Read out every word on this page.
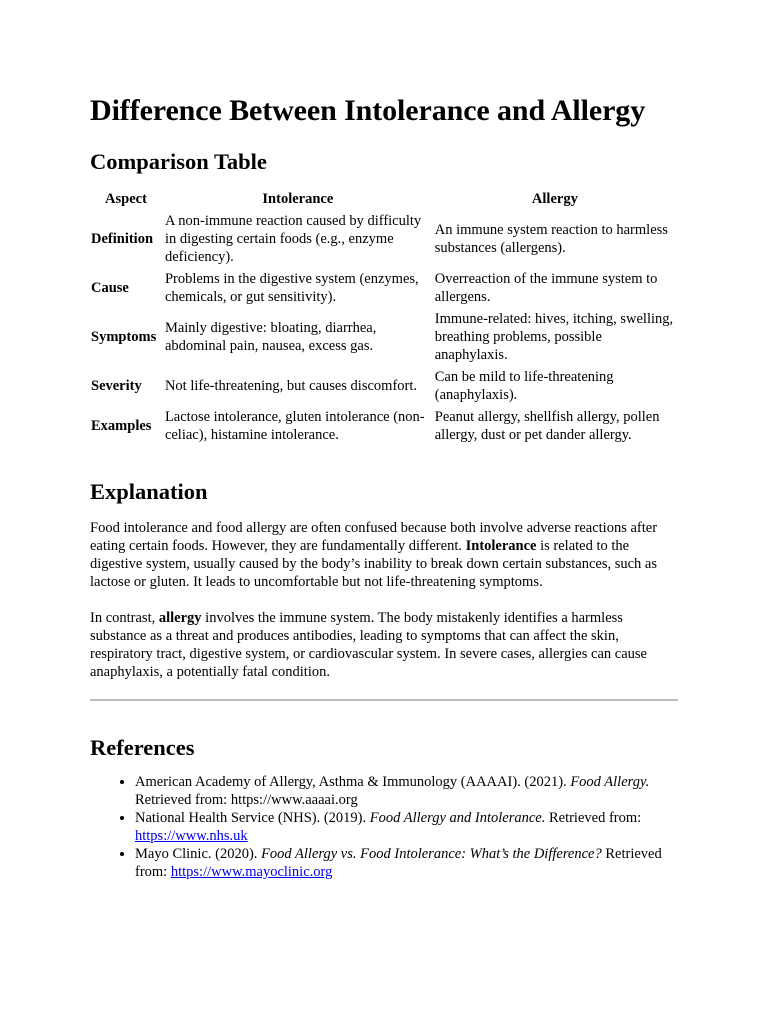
Difference Between Intolerance and Allergy
Comparison Table
Aspect	Intolerance	Allergy
Definition	A non-immune reaction caused by difficulty in digesting certain foods (e.g., enzyme deficiency).	An immune system reaction to harmless substances (allergens).
Cause	Problems in the digestive system (enzymes, chemicals, or gut sensitivity).	Overreaction of the immune system to allergens.
Symptoms	Mainly digestive: bloating, diarrhea, abdominal pain, nausea, excess gas.	Immune-related: hives, itching, swelling, breathing problems, possible anaphylaxis.
Severity	Not life-threatening, but causes discomfort.	Can be mild to life-threatening (anaphylaxis).
Examples	Lactose intolerance, gluten intolerance (non-celiac), histamine intolerance.	Peanut allergy, shellfish allergy, pollen allergy, dust or pet dander allergy.
Explanation

Food intolerance and food allergy are often confused because both involve adverse reactions after eating certain foods. However, they are fundamentally different. Intolerance is related to the digestive system, usually caused by the body’s inability to break down certain substances, such as lactose or gluten. It leads to uncomfortable but not life-threatening symptoms.

In contrast, allergy involves the immune system. The body mistakenly identifies a harmless substance as a threat and produces antibodies, leading to symptoms that can affect the skin, respiratory tract, digestive system, or cardiovascular system. In severe cases, allergies can cause anaphylaxis, a potentially fatal condition.

References
• American Academy of Allergy, Asthma & Immunology (AAAAI). (2021). Food Allergy. Retrieved from: https://www.aaaai.org
• National Health Service (NHS). (2019). Food Allergy and Intolerance. Retrieved from: https://www.nhs.uk
• Mayo Clinic. (2020). Food Allergy vs. Food Intolerance: What’s the Difference? Retrieved from: https://www.mayoclinic.org
